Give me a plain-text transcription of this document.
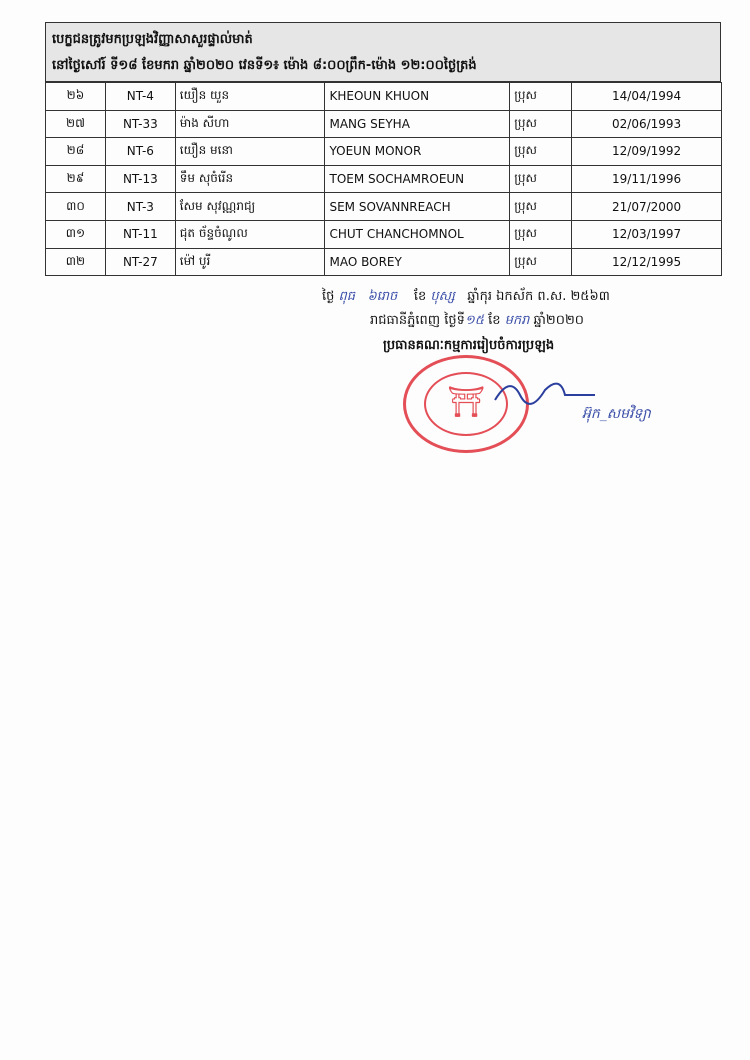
បេក្ខជនត្រូវមកប្រឡងវិញ្ញាសាសួរផ្ទាល់មាត់
នៅថ្ងៃសៅរ៍ ទី១៨ ខែមករា ឆ្នាំ២០២០ វេនទី១៖ ម៉ោង ៨:០០ព្រឹក-ម៉ោង ១២:០០ថ្ងៃត្រង់
២៦	NT-4	យឿន យួន	KHEOUN KHUON	ប្រុស	14/04/1994
២៧	NT-33	ម៉ាង សីហា	MANG SEYHA	ប្រុស	02/06/1993
២៨	NT-6	យឿន មនោ	YOEUN MONOR	ប្រុស	12/09/1992
២៩	NT-13	ទឹម សុចំរើន	TOEM SOCHAMROEUN	ប្រុស	19/11/1996
៣០	NT-3	សែម សុវណ្ណរាជ្យ	SEM SOVANNREACH	ប្រុស	21/07/2000
៣១	NT-11	ជុត ច័ន្ទចំណូល	CHUT CHANCHOMNOL	ប្រុស	12/03/1997
៣២	NT-27	ម៉ៅ បូរី	MAO BOREY	ប្រុស	12/12/1995
ថ្ងៃ ពុធ ៦រោច ខែ បុស្ស ឆ្នាំកុរ ឯកស័ក ព.ស. ២៥៦៣
រាជធានីភ្នំពេញ ថ្ងៃទី១៥ ខែ មករា ឆ្នាំ២០២០
ប្រធានគណៈកម្មការរៀបចំការប្រឡង
⛩	អ៊ុក_សមវិទ្យា
